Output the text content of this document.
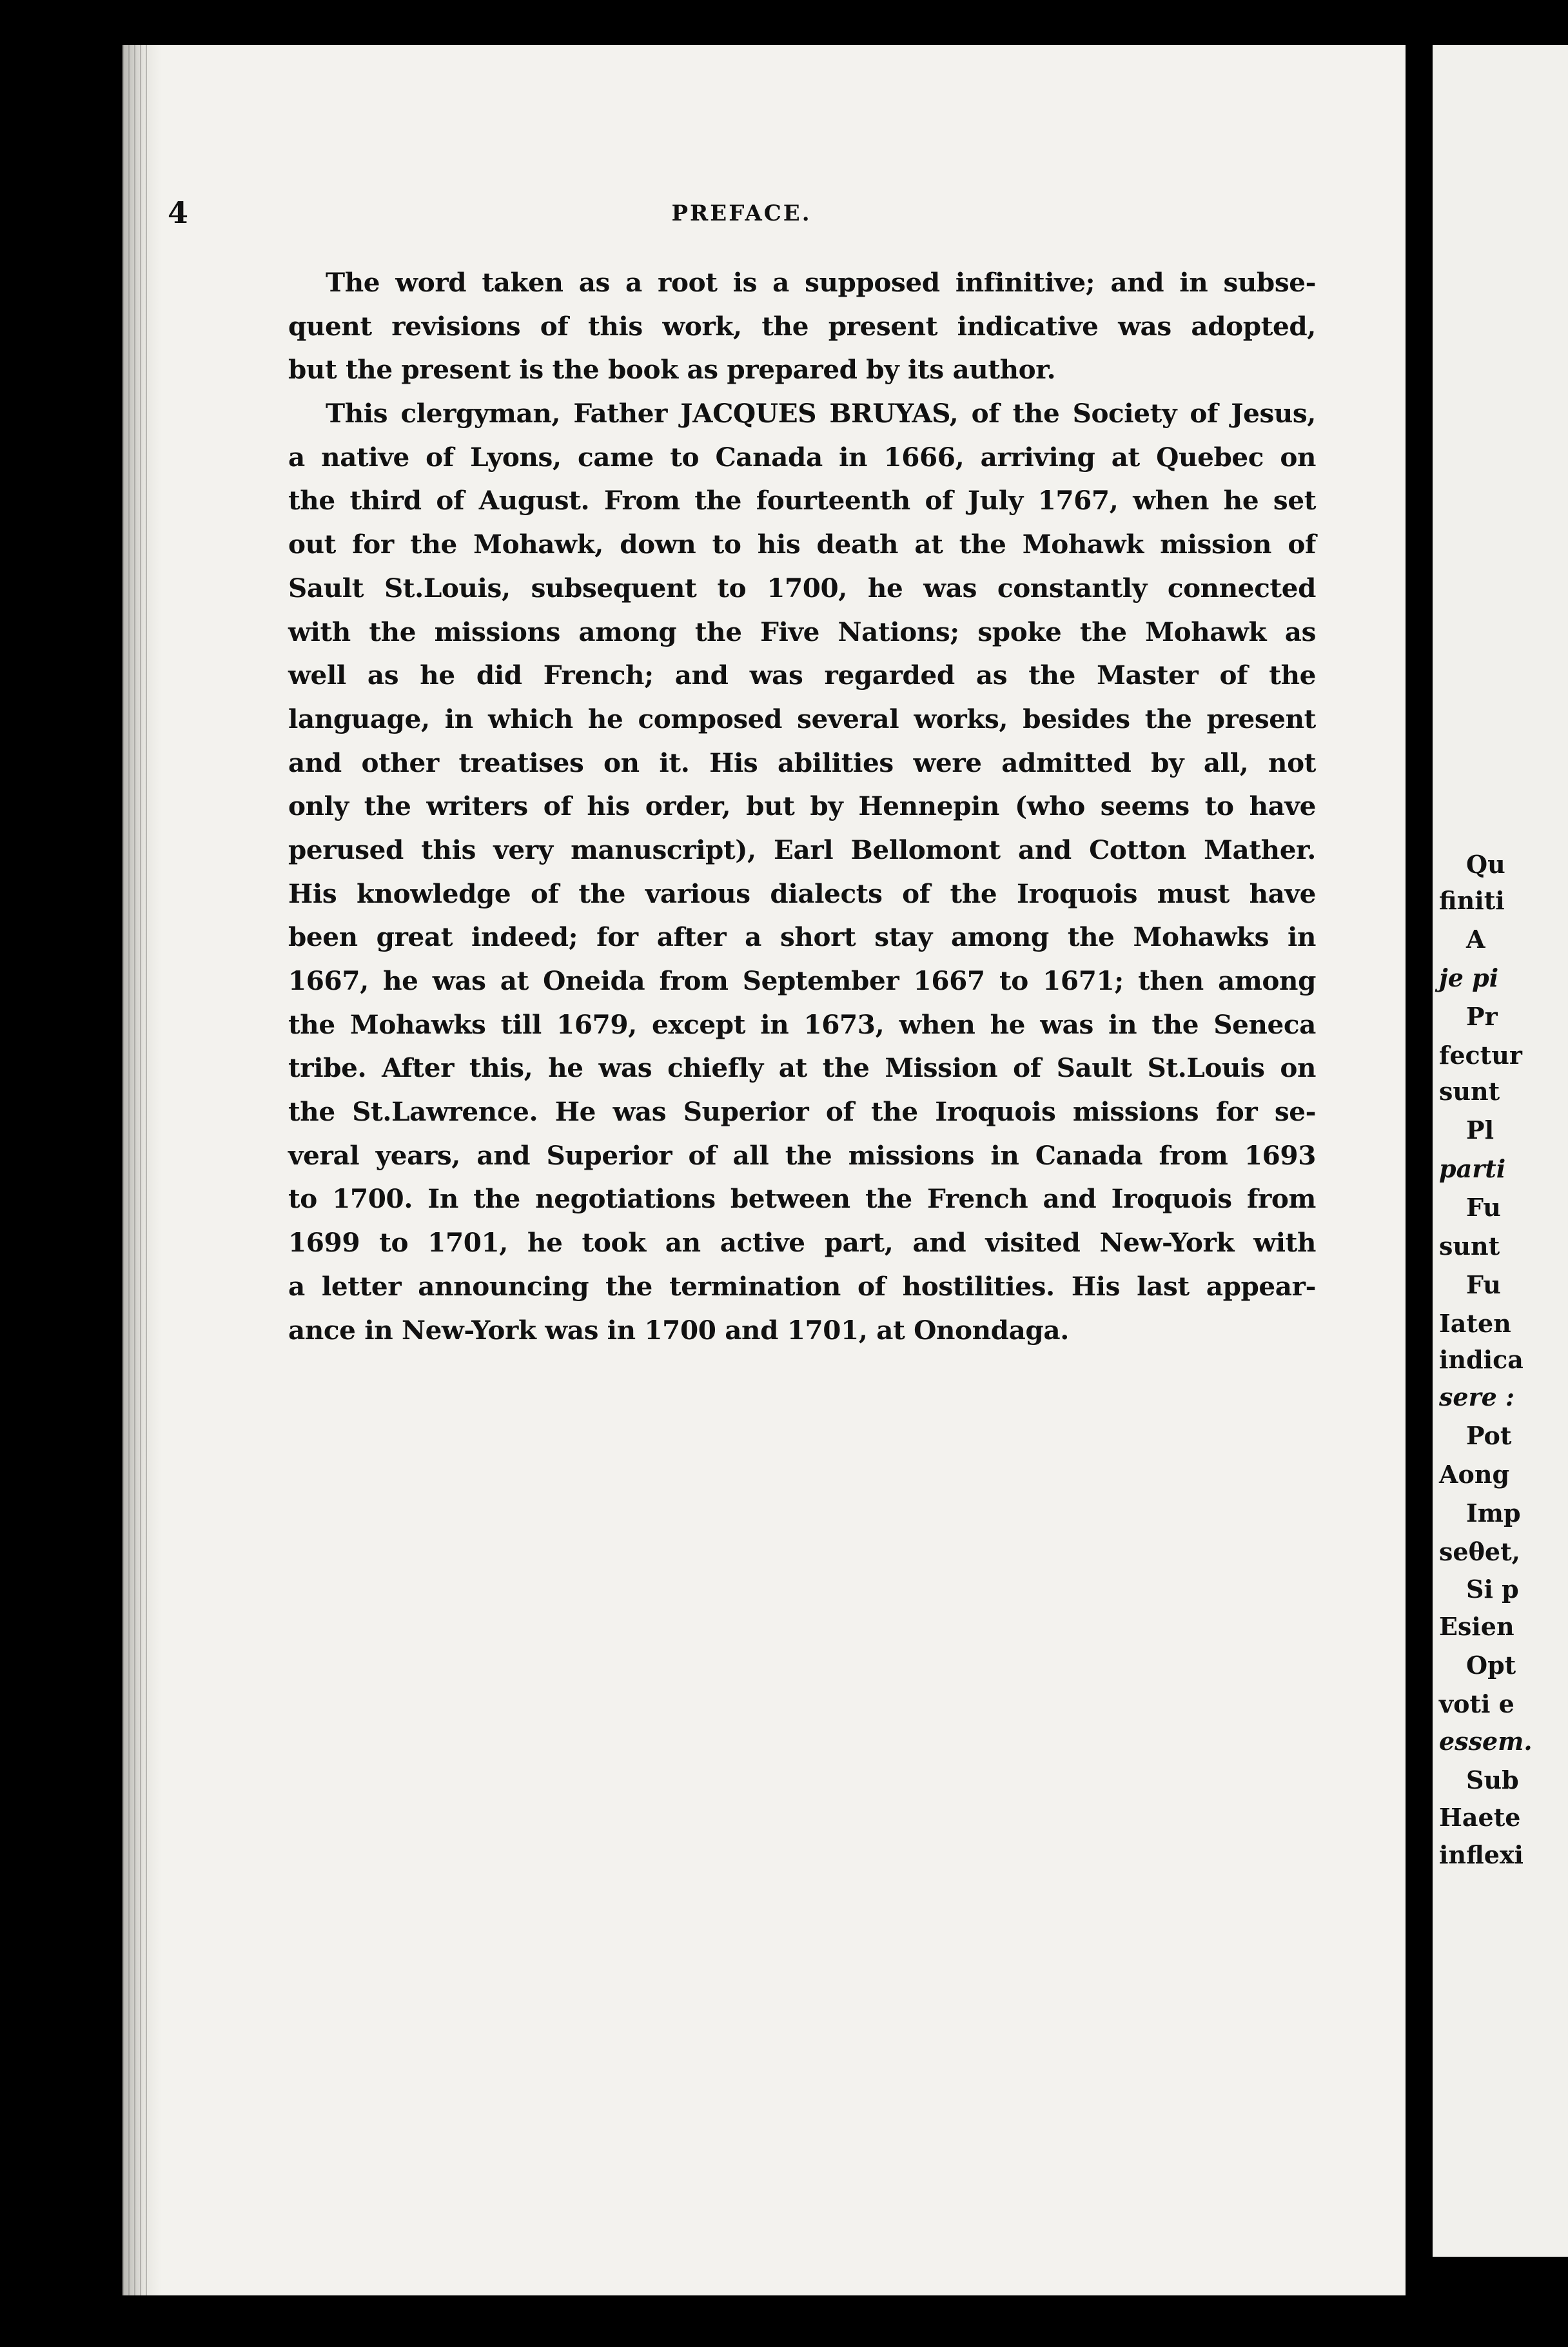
Qu
finiti
A
je pi
Pr
fectur
sunt
Pl
parti
Fu
sunt
Fu
Iaten
indica
sere :
Pot
Aong
Imp
seθet,
Si p
Esien
Opt
voti e
essem.
Sub
Haete
inflexi
4	PREFACE.
The word taken as a root is a supposed infinitive; and in subse-
quent revisions of this work, the present indicative was adopted,
but the present is the book as prepared by its author.
This clergyman, Father JACQUES BRUYAS, of the Society of Jesus,
a native of Lyons, came to Canada in 1666, arriving at Quebec on
the third of August. From the fourteenth of July 1767, when he set
out for the Mohawk, down to his death at the Mohawk mission of
Sault St.Louis, subsequent to 1700, he was constantly connected
with the missions among the Five Nations; spoke the Mohawk as
well as he did French; and was regarded as the Master of the
language, in which he composed several works, besides the present
and other treatises on it. His abilities were admitted by all, not
only the writers of his order, but by Hennepin (who seems to have
perused this very manuscript), Earl Bellomont and Cotton Mather.
His knowledge of the various dialects of the Iroquois must have
been great indeed; for after a short stay among the Mohawks in
1667, he was at Oneida from September 1667 to 1671; then among
the Mohawks till 1679, except in 1673, when he was in the Seneca
tribe. After this, he was chiefly at the Mission of Sault St.Louis on
the St.Lawrence. He was Superior of the Iroquois missions for se-
veral years, and Superior of all the missions in Canada from 1693
to 1700. In the negotiations between the French and Iroquois from
1699 to 1701, he took an active part, and visited New-York with
a letter announcing the termination of hostilities. His last appear-
ance in New-York was in 1700 and 1701, at Onondaga.
